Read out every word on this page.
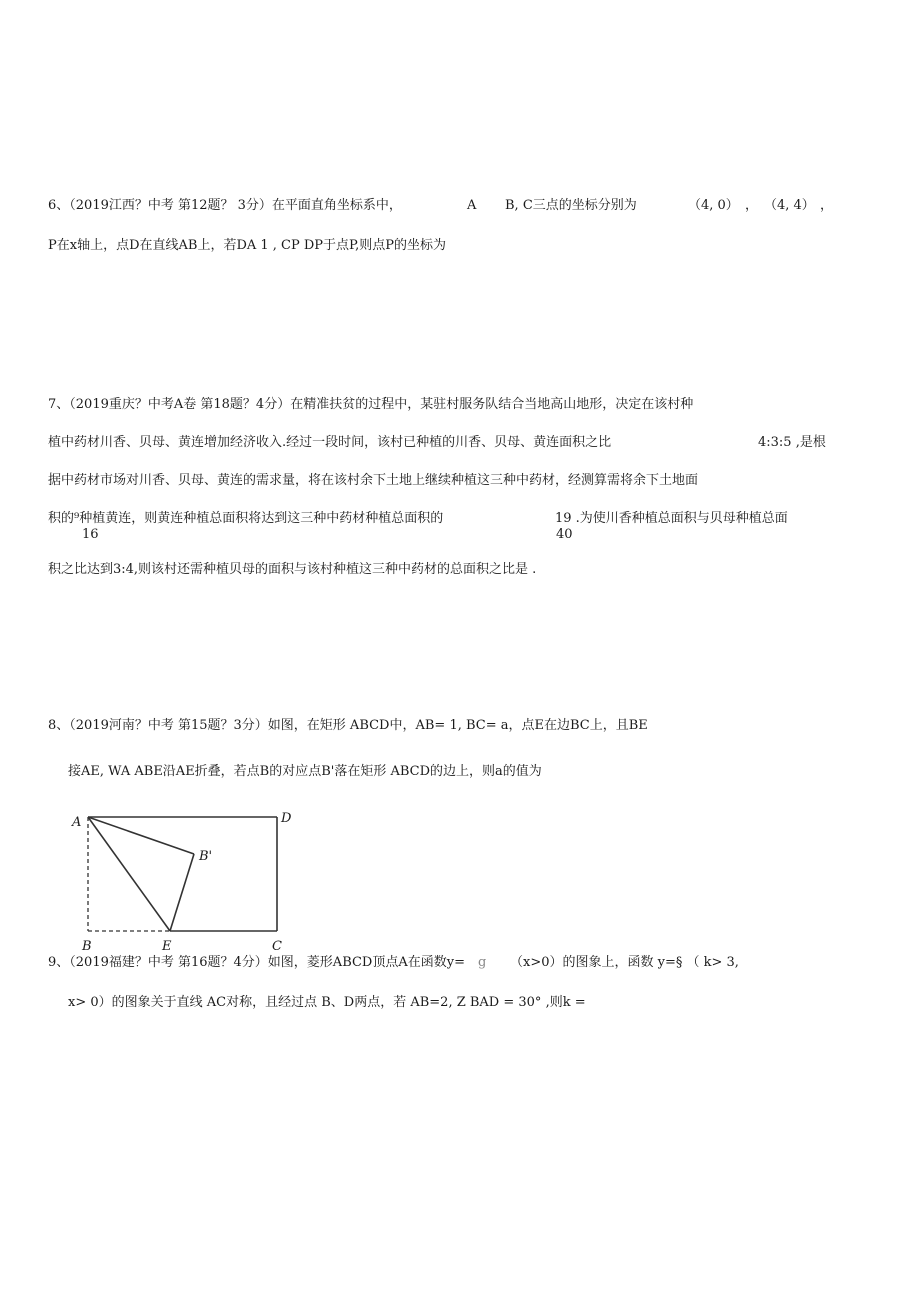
6、（2019江西？中考 第12题？ 3分）在平面直角坐标系中，	A B, C三点的坐标分别为	（4, 0） ， （4, 4） ，
P在x轴上，点D在直线AB上，若DA 1 , CP DP于点P,则点P的坐标为
7、（2019重庆？中考A卷 第18题？4分）在精准扶贫的过程中，某驻村服务队结合当地高山地形，决定在该村种
植中药材川香、贝母、黄连增加经济收入.经过一段时间，该村已种植的川香、贝母、黄连面积之比	4:3:5 ,是根
据中药材市场对川香、贝母、黄连的需求量，将在该村余下土地上继续种植这三种中药材，经测算需将余下土地面
积的⁹种植黄连，则黄连种植总面积将达到这三种中药材种植总面积的	19 .为使川香种植总面积与贝母种植总面
16	40
积之比达到3:4,则该村还需种植贝母的面积与该村种植这三种中药材的总面积之比是 .
8、（2019河南？中考 第15题？3分）如图，在矩形 ABCD中，AB= 1, BC= a，点E在边BC上，且BE
接AE, WA ABE沿AE折叠，若点B的对应点B'落在矩形 ABCD的边上，则a的值为
A	D
B'
B	E	C
9、（2019福建？中考 第16题？4分）如图，菱形ABCD顶点A在函数y= g （x>0）的图象上，函数 y=§ （ k> 3,
x> 0）的图象关于直线 AC对称，且经过点 B、D两点，若 AB=2, Z BAD = 30° ,则k =
